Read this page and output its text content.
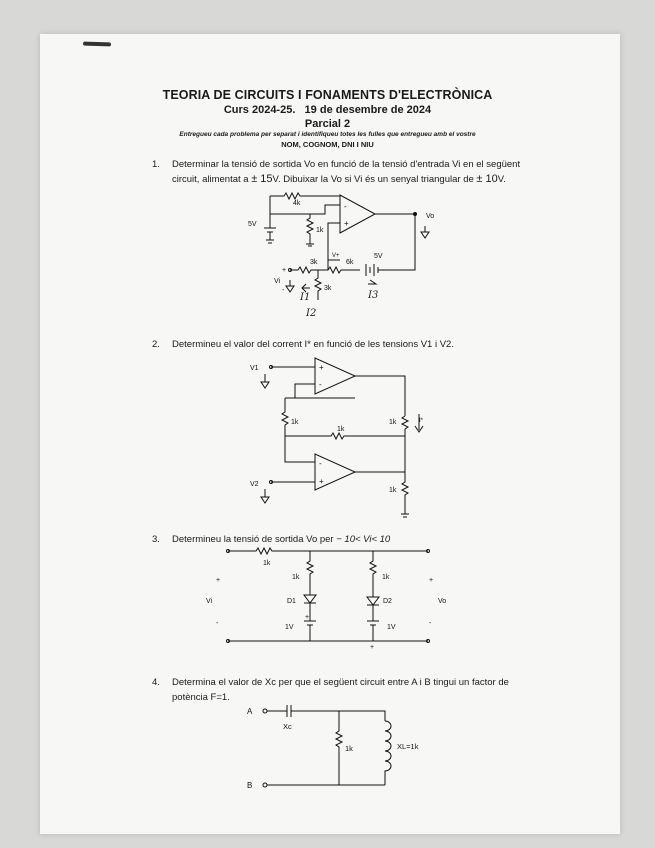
TEORIA DE CIRCUITS I FONAMENTS D'ELECTRÒNICA
Curs 2024-25.   19 de desembre de 2024
Parcial 2
Entregueu cada problema per separat i identifiqueu totes les fulles que entregueu amb el vostre
NOM, COGNOM, DNI I NIU
1. Determinar la tensió de sortida Vo en funció de la tensió d'entrada Vi en el següent
circuit, alimentat a ± 15V. Dibuixar la Vo si Vi és un senyal triangular de ± 10V.
4k
5V
1k
-
+
Vo
V+
3k	6k
5V
3k
Vi
+
-
I1
I2
I3
2. Determineu el valor del corrent I* en funció de les tensions V1 i V2.
V1
V2
+
-
-
+
1k
1k
1k
1k
I*
3. Determineu la tensió de sortida Vo per − 10< Vi< 10
1k
1k	1k
D1	D2
1V	1V
Vi	Vo
+
-
+
-
+
+
4. Determina el valor de Xc per que el següent circuit entre A i B tingui un factor de
potència F=1.
A
B
Xc
1k	XL=1k
